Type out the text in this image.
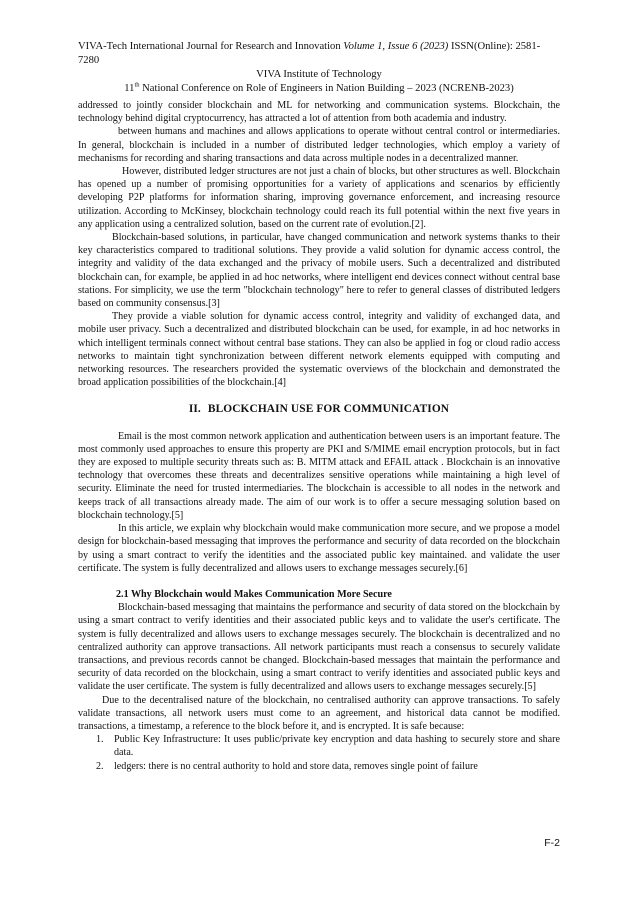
VIVA-Tech International Journal for Research and Innovation Volume 1, Issue 6 (2023) ISSN(Online): 2581-7280
VIVA Institute of Technology
11th National Conference on Role of Engineers in Nation Building – 2023 (NCRENB-2023)

addressed to jointly consider blockchain and ML for networking and communication systems. Blockchain, the technology behind digital cryptocurrency, has attracted a lot of attention from both academia and industry.

between humans and machines and allows applications to operate without central control or intermediaries. In general, blockchain is included in a number of distributed ledger technologies, which employ a variety of mechanisms for recording and sharing transactions and data across multiple nodes in a decentralized manner.

However, distributed ledger structures are not just a chain of blocks, but other structures as well. Blockchain has opened up a number of promising opportunities for a variety of applications and scenarios by efficiently developing P2P platforms for information sharing, improving governance enforcement, and increasing resource utilization. According to McKinsey, blockchain technology could reach its full potential within the next five years in any application using a centralized solution, based on the current rate of evolution.[2].

Blockchain-based solutions, in particular, have changed communication and network systems thanks to their key characteristics compared to traditional solutions. They provide a valid solution for dynamic access control, the integrity and validity of the data exchanged and the privacy of mobile users. Such a decentralized and distributed blockchain can, for example, be applied in ad hoc networks, where intelligent end devices connect without central base stations. For simplicity, we use the term "blockchain technology" here to refer to general classes of distributed ledgers based on community consensus.[3]

They provide a viable solution for dynamic access control, integrity and validity of exchanged data, and mobile user privacy. Such a decentralized and distributed blockchain can be used, for example, in ad hoc networks in which intelligent terminals connect without central base stations. They can also be applied in fog or cloud radio access networks to maintain tight synchronization between different network elements equipped with computing and networking resources. The researchers provided the systematic overviews of the blockchain and demonstrated the broad application possibilities of the blockchain.[4]

II. BLOCKCHAIN USE FOR COMMUNICATION

Email is the most common network application and authentication between users is an important feature. The most commonly used approaches to ensure this property are PKI and S/MIME email encryption protocols, but in fact they are exposed to multiple security threats such as: B. MITM attack and EFAIL attack . Blockchain is an innovative technology that overcomes these threats and decentralizes sensitive operations while maintaining a high level of security. Eliminate the need for trusted intermediaries. The blockchain is accessible to all nodes in the network and keeps track of all transactions already made. The aim of our work is to offer a secure messaging solution based on blockchain technology.[5]

In this article, we explain why blockchain would make communication more secure, and we propose a model design for blockchain-based messaging that improves the performance and security of data recorded on the blockchain by using a smart contract to verify the identities and the associated public key maintained. and validate the user certificate. The system is fully decentralized and allows users to exchange messages securely.[6]

2.1 Why Blockchain would Makes Communication More Secure

Blockchain-based messaging that maintains the performance and security of data stored on the blockchain by using a smart contract to verify identities and their associated public keys and to validate the user's certificate. The system is fully decentralized and allows users to exchange messages securely. The blockchain is decentralized and no centralized authority can approve transactions. All network participants must reach a consensus to securely validate transactions, and previous records cannot be changed. Blockchain-based messages that maintain the performance and security of data recorded on the blockchain, using a smart contract to verify identities and associated public keys and validate the user certificate. The system is fully decentralized and allows users to exchange messages securely.[5]

Due to the decentralised nature of the blockchain, no centralised authority can approve transactions. To safely validate transactions, all network users must come to an agreement, and historical data cannot be modified. transactions, a timestamp, a reference to the block before it, and is encrypted. It is safe because:

1. Public Key Infrastructure: It uses public/private key encryption and data hashing to securely store and share data.
2. ledgers: there is no central authority to hold and store data, removes single point of failure
F-2
